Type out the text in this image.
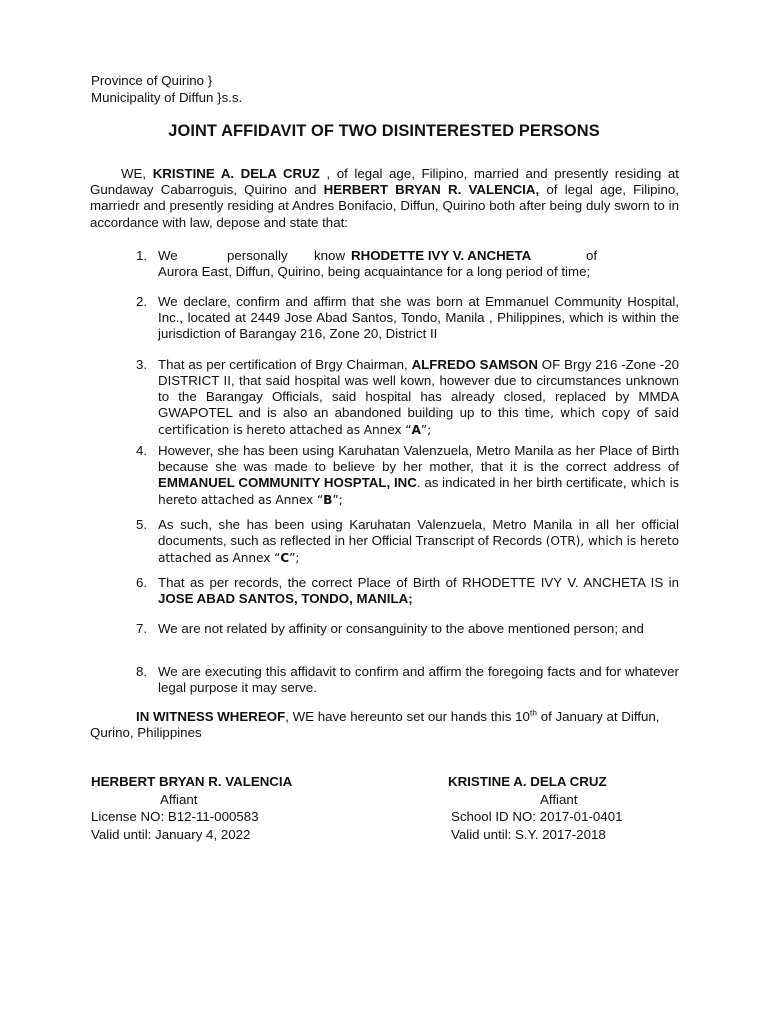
Province of Quirino }
Municipality of Diffun }s.s.
JOINT AFFIDAVIT OF TWO DISINTERESTED PERSONS
WE, KRISTINE A. DELA CRUZ , of legal age, Filipino, married and presently residing at Gundaway Cabarroguis, Quirino and HERBERT BRYAN R. VALENCIA, of legal age, Filipino, marriedr and presently residing at Andres Bonifacio, Diffun, Quirino both after being duly sworn to in accordance with law, depose and state that:
1. We	personally know RHODETTE IVY V. ANCHETA	of
Aurora East, Diffun, Quirino, being acquaintance for a long period of time;
2. We declare, confirm and affirm that she was born at Emmanuel Community Hospital, Inc., located at 2449 Jose Abad Santos, Tondo, Manila , Philippines, which is within the jurisdiction of Barangay 216, Zone 20, District II
3. That as per certification of Brgy Chairman, ALFREDO SAMSON OF Brgy 216 -Zone -20 DISTRICT II, that said hospital was well kown, however due to circumstances unknown to the Barangay Officials, said hospital has already closed, replaced by MMDA GWAPOTEL and is also an abandoned building up to this time, which copy of said certification is hereto attached as Annex “A”;
4. However, she has been using Karuhatan Valenzuela, Metro Manila as her Place of Birth because she was made to believe by her mother, that it is the correct address of EMMANUEL COMMUNITY HOSPTAL, INC. as indicated in her birth certificate, which is hereto attached as Annex “B”;
5. As such, she has been using Karuhatan Valenzuela, Metro Manila in all her official documents, such as reflected in her Official Transcript of Records (OTR), which is hereto attached as Annex “C”;
6. That as per records, the correct Place of Birth of RHODETTE IVY V. ANCHETA IS in JOSE ABAD SANTOS, TONDO, MANILA;
7. We are not related by affinity or consanguinity to the above mentioned person; and
8. We are executing this affidavit to confirm and affirm the foregoing facts and for whatever legal purpose it may serve.
IN WITNESS WHEREOF, WE have hereunto set our hands this 10th of January at Diffun, Qurino, Philippines
HERBERT BRYAN R. VALENCIA
Affiant
License NO: B12-11-000583
Valid until: January 4, 2022
KRISTINE A. DELA CRUZ
Affiant
School ID NO: 2017-01-0401
Valid until: S.Y. 2017-2018
